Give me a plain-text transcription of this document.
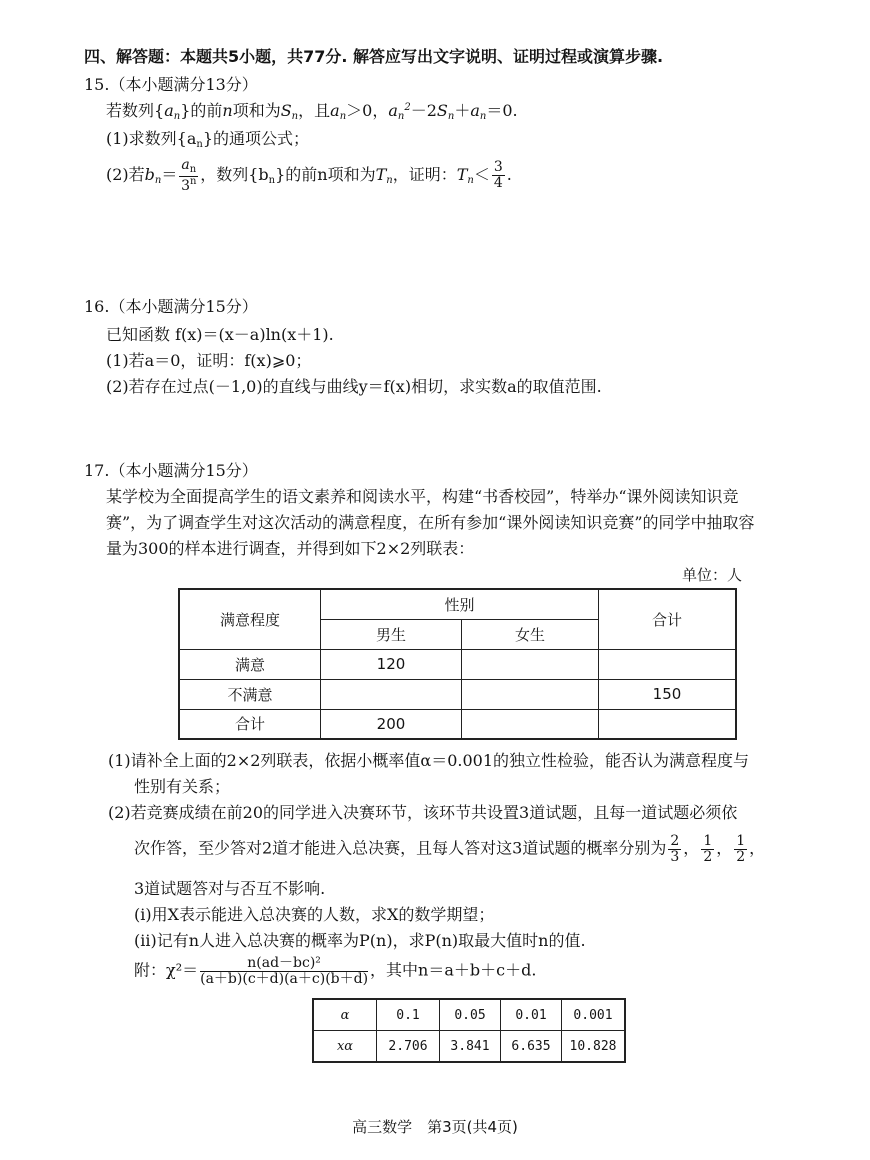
四、解答题：本题共5小题，共77分. 解答应写出文字说明、证明过程或演算步骤.
15.（本小题满分13分）
若数列$\{a_n\}$的前n项和为$S_n$，且$a_n>0$，$a_n^2-2S_n+a_n=0$.
(1)求数列$\{a_n\}$的通项公式；
(2)若$b_n= \frac{a_n}{3^n}$ ，数列$\{b_n\}$的前n项和为$T_n$，证明：$T_n< \frac{3}{4}$ .
16.（本小题满分15分）
已知函数 f(x)＝(x－a)ln(x＋1).
(1)若a＝0，证明：f(x)⩾0；
(2)若存在过点(－1,0)的直线与曲线y＝f(x)相切，求实数a的取值范围.
17.（本小题满分15分）
某学校为全面提高学生的语文素养和阅读水平，构建“书香校园”，特举办“课外阅读知识竞
赛”，为了调查学生对这次活动的满意程度，在所有参加“课外阅读知识竞赛”的同学中抽取容
量为300的样本进行调查，并得到如下2×2列联表：
单位：人
满意程度	性别		合计
	男生	女生	
满意	120		
不满意			150
合计	200		
(1)请补全上面的2×2列联表，依据小概率值α＝0.001的独立性检验，能否认为满意程度与
性别有关系；
(2)若竞赛成绩在前20的同学进入决赛环节，该环节共设置3道试题，且每一道试题必须依
次作答，至少答对2道才能进入总决赛，且每人答对这3道试题的概率分别为 $\frac{2}{3}$ ， $\frac{1}{2}$ ， $\frac{1}{2}$ ，
3道试题答对与否互不影响.
(i)用X表示能进入总决赛的人数，求X的数学期望；
(ii)记有n人进入总决赛的概率为P(n)，求P(n)取最大值时n的值.
附：$\chi^2= \frac{\text{n(ad－bc)²}}{(a+b)(c+d)(a+c)(b+d)}$ ，其中n＝a＋b＋c＋d.
α	0.1	0.05	0.01	0.001
xα	2.706	3.841	6.635	10.828
高三数学　第3页(共4页)
